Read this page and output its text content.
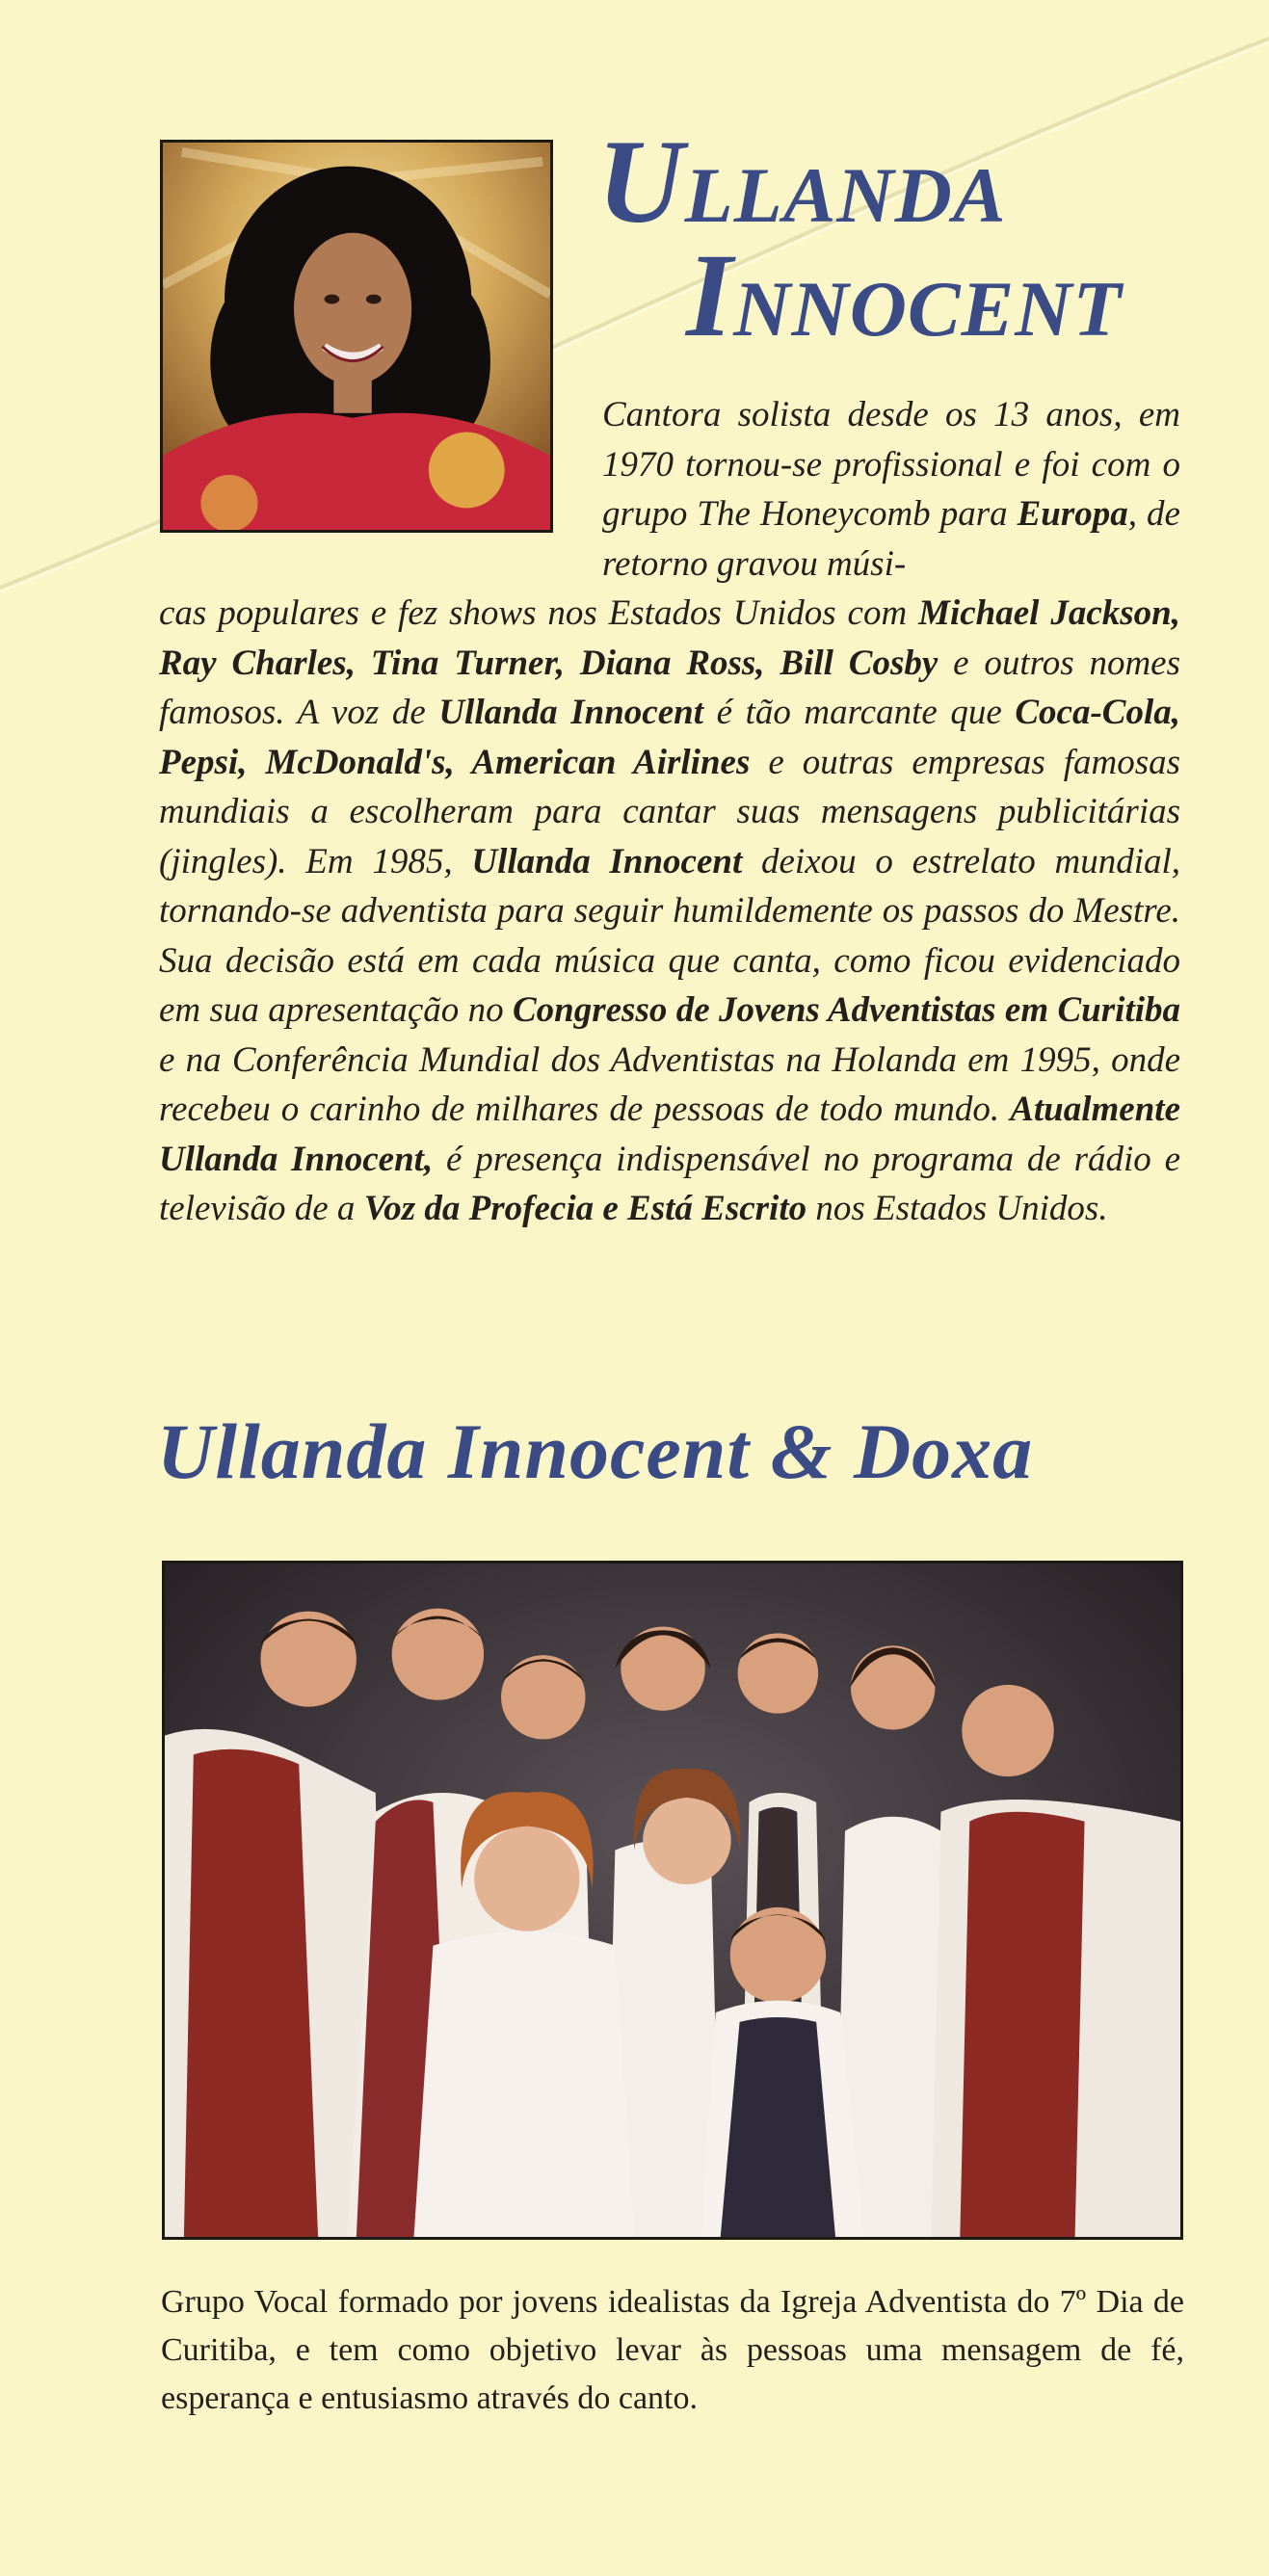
ULLANDA
INNOCENT
Cantora solista desde os 13 anos, em 1970 tornou-se profissional e foi com o grupo The Honeycomb para Europa, de retorno gravou músi-
cas populares e fez shows nos Estados Unidos com Michael Jackson, Ray Charles, Tina Turner, Diana Ross, Bill Cosby e outros nomes famosos. A voz de Ullanda Innocent é tão marcante que Coca-Cola, Pepsi, McDonald's, American Airlines e outras empresas famosas mundiais a escolheram para cantar suas mensagens publicitárias (jingles). Em 1985, Ullanda Innocent deixou o estrelato mundial, tornando-se adventista para seguir humildemente os passos do Mestre. Sua decisão está em cada música que canta, como ficou evidenciado em sua apresentação no Congresso de Jovens Adventistas em Curitiba e na Conferência Mundial dos Adventistas na Holanda em 1995, onde recebeu o carinho de milhares de pessoas de todo mundo. Atualmente Ullanda Innocent, é presença indispensável no programa de rádio e televisão de a Voz da Profecia e Está Escrito nos Estados Unidos.
Ullanda Innocent & Doxa
Grupo Vocal formado por jovens idealistas da Igreja Adventista do 7º Dia de Curitiba, e tem como objetivo levar às pessoas uma mensagem de fé, esperança e entusiasmo através do canto.
